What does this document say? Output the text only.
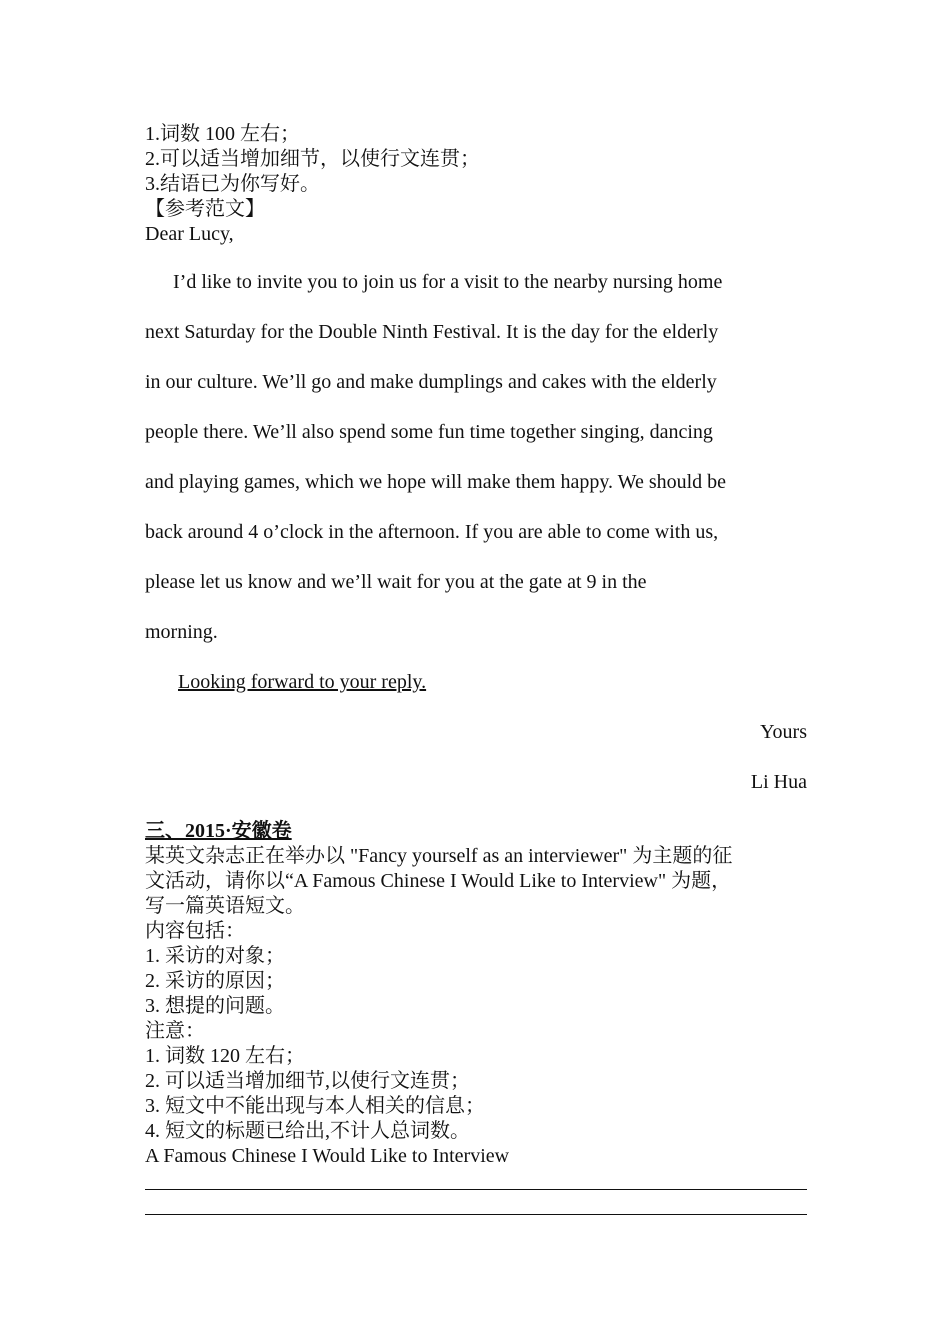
1.词数 100 左右；
2.可以适当增加细节，以使行文连贯；
3.结语已为你写好。
【参考范文】
Dear Lucy,

I’d like to invite you to join us for a visit to the nearby nursing home

next Saturday for the Double Ninth Festival. It is the day for the elderly

in our culture. We’ll go and make dumplings and cakes with the elderly

people there. We’ll also spend some fun time together singing, dancing

and playing games, which we hope will make them happy. We should be

back around 4 o’clock in the afternoon. If you are able to come with us,

please let us know and we’ll wait for you at the gate at 9 in the

morning.

Looking forward to your reply.

Yours

Li Hua

三、2015·安徽卷
某英文杂志正在举办以 "Fancy yourself as an interviewer" 为主题的征
文活动，请你以“A Famous Chinese I Would Like to Interview" 为题，
写一篇英语短文。
内容包括：
1. 采访的对象；
2. 采访的原因；
3. 想提的问题。
注意：
1. 词数 120 左右；
2. 可以适当增加细节,以使行文连贯；
3. 短文中不能出现与本人相关的信息；
4. 短文的标题已给出,不计人总词数。
A Famous Chinese I Would Like to Interview
